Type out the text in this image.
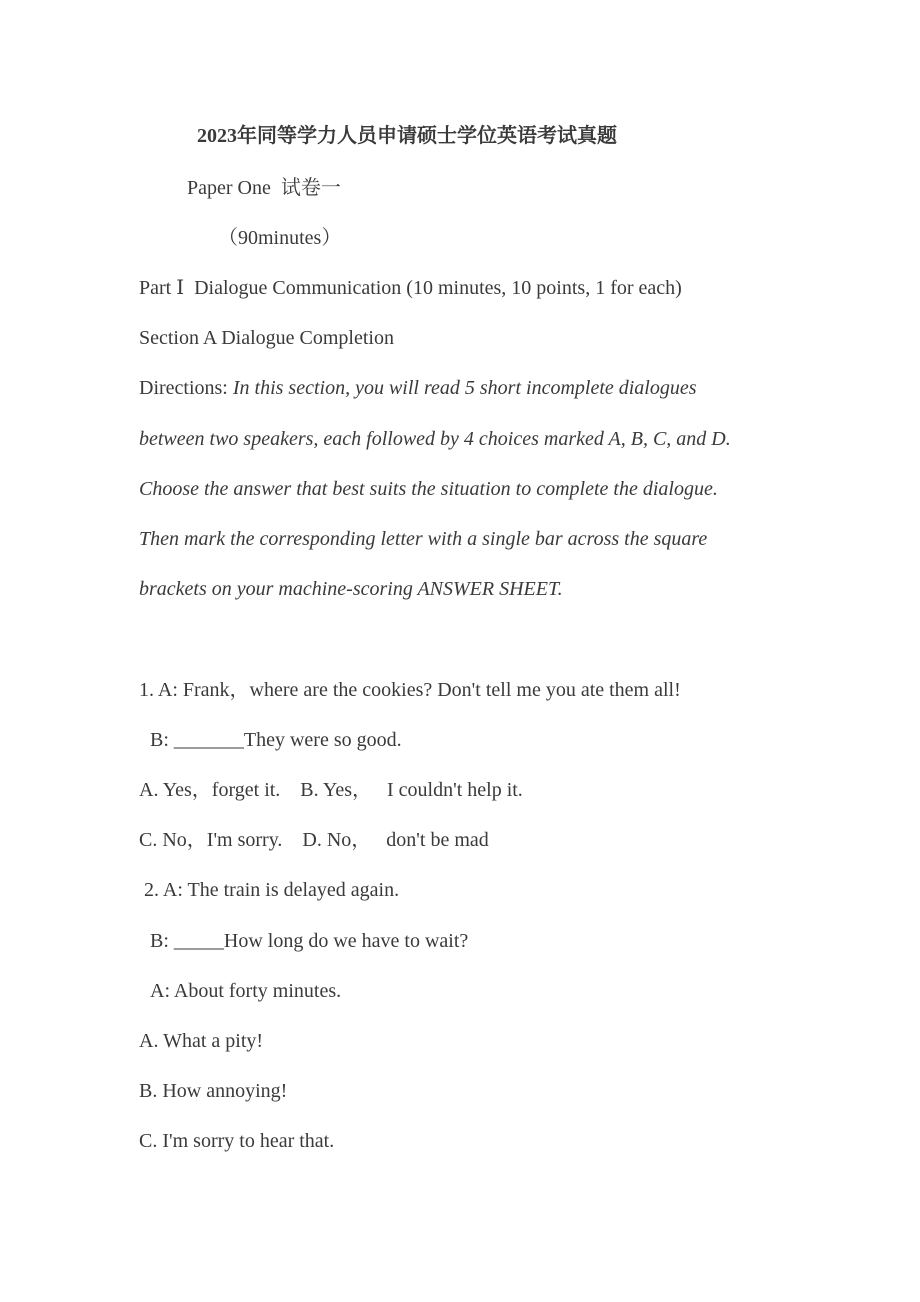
2023年同等学力人员申请硕士学位英语考试真题
Paper One  试卷一
（90minutes）
Part Ⅰ  Dialogue Communication (10 minutes, 10 points, 1 for each)
Section A Dialogue Completion
Directions: In this section, you will read 5 short incomplete dialogues
between two speakers, each followed by 4 choices marked A, B, C, and D.
Choose the answer that best suits the situation to complete the dialogue.
Then mark the corresponding letter with a single bar across the square
brackets on your machine-scoring ANSWER SHEET.
1. A: Frank，where are the cookies? Don't tell me you ate them all!
B: _______They were so good.
A. Yes，forget it.    B. Yes，   I couldn't help it.
C. No，I'm sorry.    D. No，   don't be mad
2. A: The train is delayed again.
B: _____How long do we have to wait?
A: About forty minutes.
A. What a pity!
B. How annoying!
C. I'm sorry to hear that.
